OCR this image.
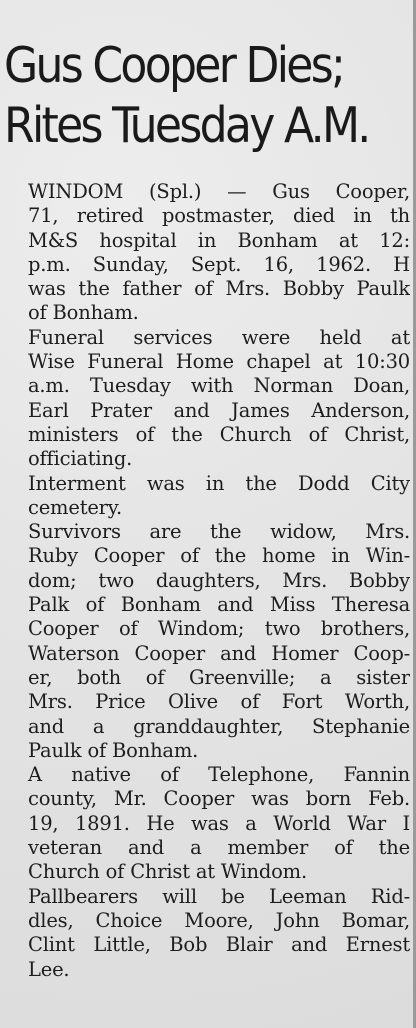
Gus Cooper Dies;
Rites Tuesday A.M.

WINDOM (Spl.) — Gus Cooper,
71, retired postmaster, died in th
M&S hospital in Bonham at 12:
p.m. Sunday, Sept. 16, 1962. H
was the father of Mrs. Bobby Paulk
of Bonham.

Funeral services were held at
Wise Funeral Home chapel at 10:30
a.m. Tuesday with Norman Doan,
Earl Prater and James Anderson,
ministers of the Church of Christ,
officiating.

Interment was in the Dodd City
cemetery.

Survivors are the widow, Mrs.
Ruby Cooper of the home in Win-
dom; two daughters, Mrs. Bobby
Palk of Bonham and Miss Theresa
Cooper of Windom; two brothers,
Waterson Cooper and Homer Coop-
er, both of Greenville; a sister
Mrs. Price Olive of Fort Worth,
and a granddaughter, Stephanie
Paulk of Bonham.

A native of Telephone, Fannin
county, Mr. Cooper was born Feb.
19, 1891. He was a World War I
veteran and a member of the
Church of Christ at Windom.

Pallbearers will be Leeman Rid-
dles, Choice Moore, John Bomar,
Clint Little, Bob Blair and Ernest
Lee.
